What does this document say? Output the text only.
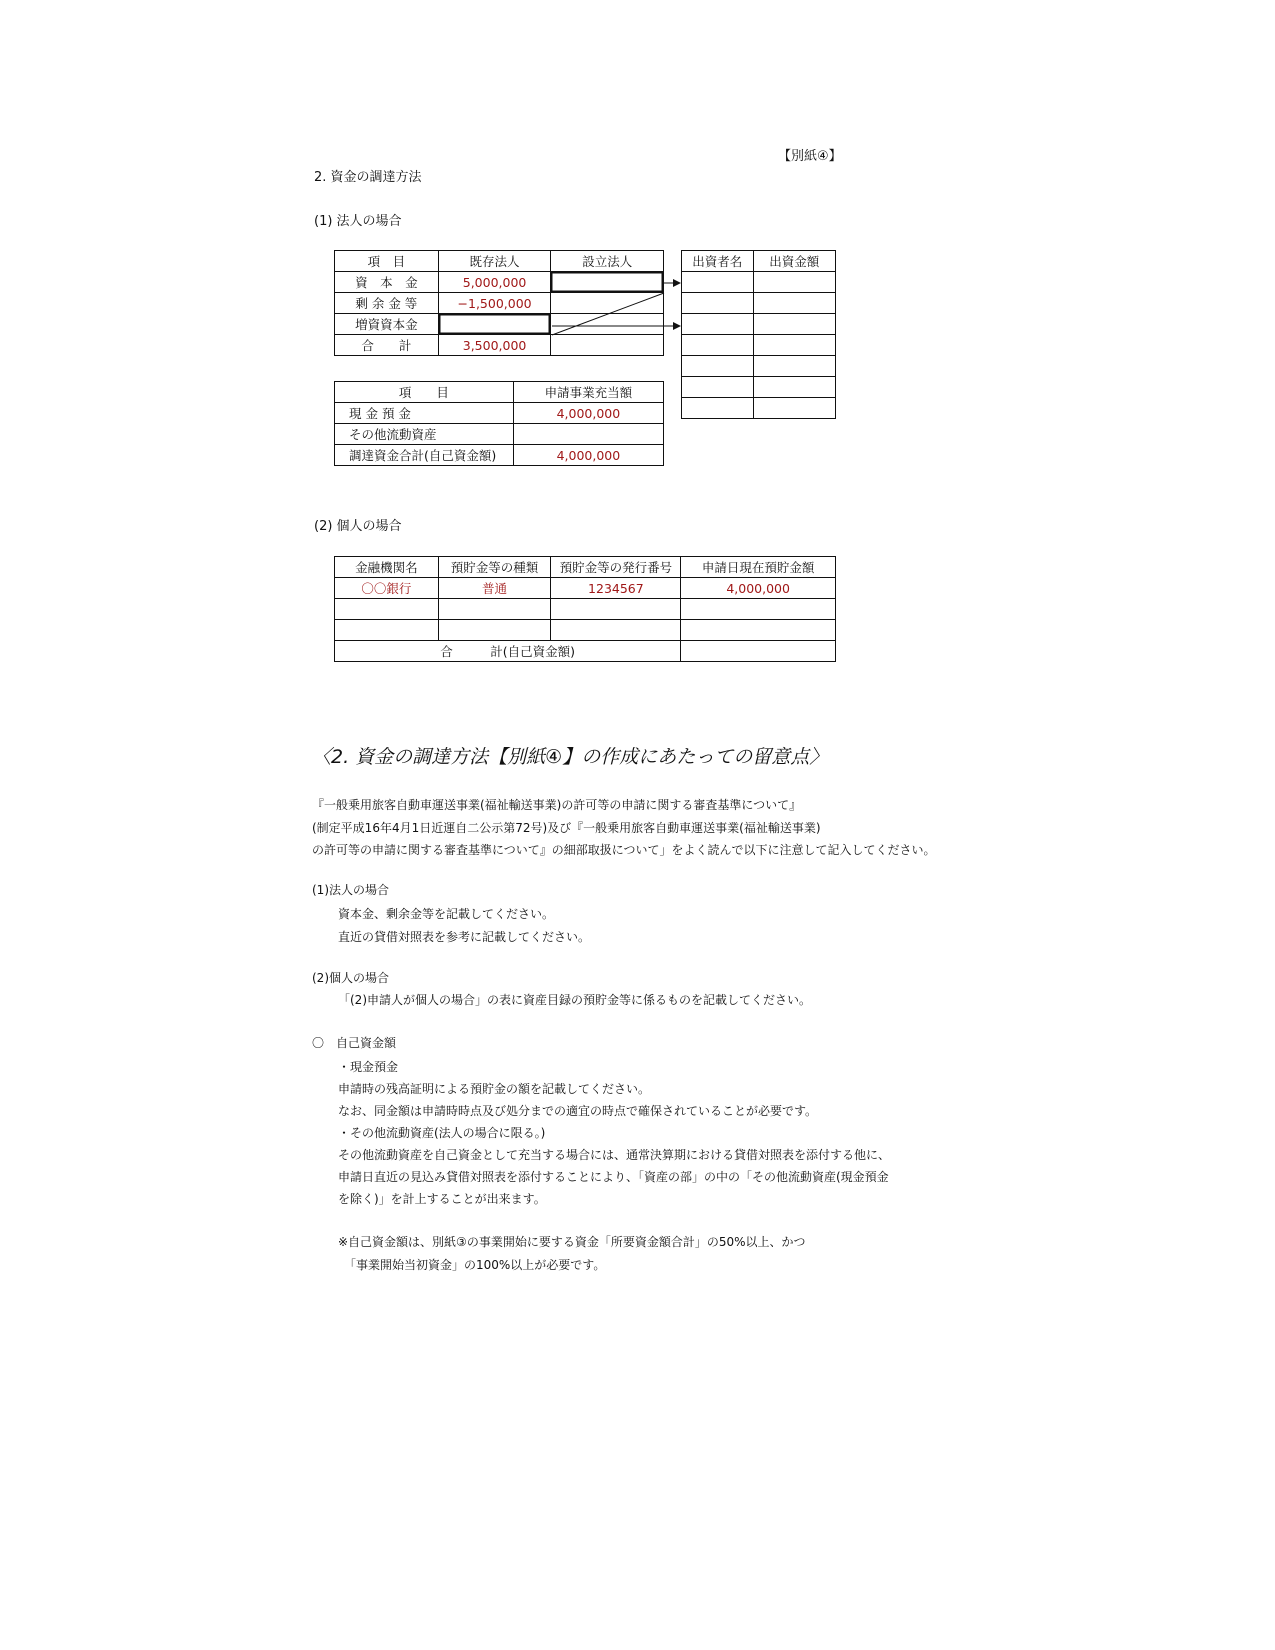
【別紙④】
2. 資金の調達方法
(1) 法人の場合
項　目	既存法人	設立法人
資　本　金	5,000,000	
剰 余 金 等	−1,500,000	
増資資本金		
合　　計	3,500,000	
出資者名	出資金額

項　　目	申請事業充当額
現 金 預 金	4,000,000
その他流動資産	
調達資金合計(自己資金額)	4,000,000
(2) 個人の場合
金融機関名	預貯金等の種類	預貯金等の発行番号	申請日現在預貯金額
〇〇銀行	普通	1234567	4,000,000

合　　　計(自己資金額)			
〈2. 資金の調達方法【別紙④】の作成にあたっての留意点〉
『一般乗用旅客自動車運送事業(福祉輸送事業)の許可等の申請に関する審査基準について』
(制定平成16年4月1日近運自二公示第72号)及び『一般乗用旅客自動車運送事業(福祉輸送事業)
の許可等の申請に関する審査基準について』の細部取扱について」をよく読んで以下に注意して記入してください。
(1)法人の場合
資本金、剰余金等を記載してください。
直近の貸借対照表を参考に記載してください。
(2)個人の場合
「(2)申請人が個人の場合」の表に資産目録の預貯金等に係るものを記載してください。
〇　自己資金額
・現金預金
申請時の残高証明による預貯金の額を記載してください。
なお、同金額は申請時時点及び処分までの適宜の時点で確保されていることが必要です。
・その他流動資産(法人の場合に限る。)
その他流動資産を自己資金として充当する場合には、通常決算期における貸借対照表を添付する他に、
申請日直近の見込み貸借対照表を添付することにより、「資産の部」の中の「その他流動資産(現金預金
を除く)」を計上することが出来ます。
※自己資金額は、別紙③の事業開始に要する資金「所要資金額合計」の50%以上、かつ
「事業開始当初資金」の100%以上が必要です。
